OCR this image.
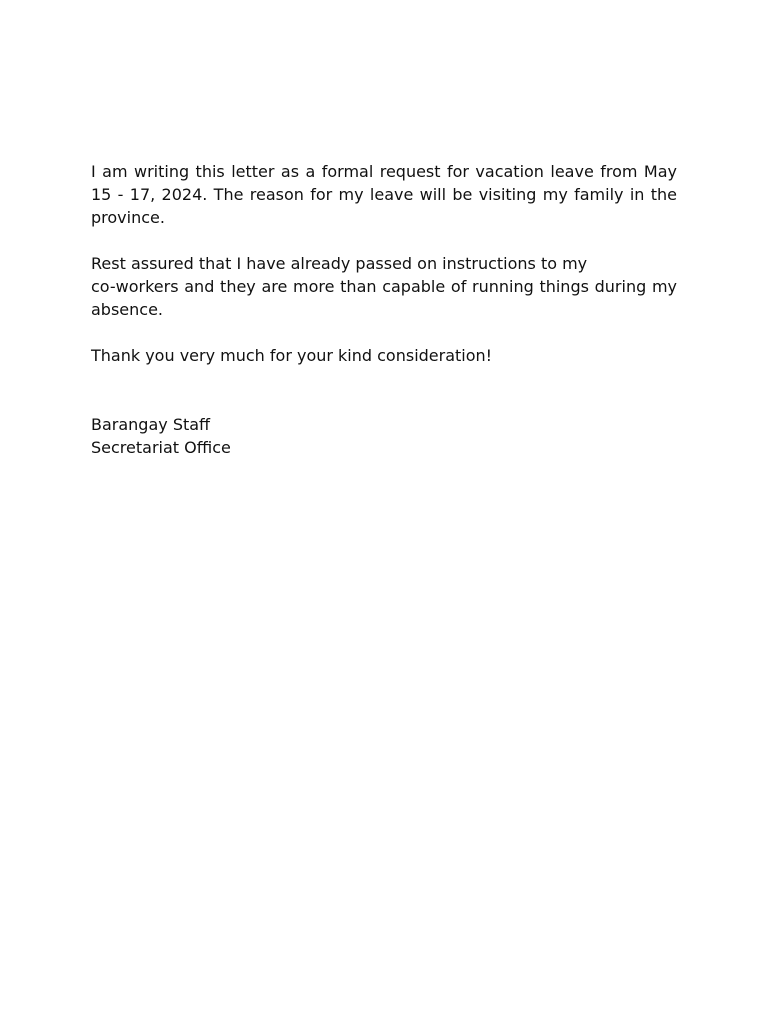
I am writing this letter as a formal request for vacation leave from May 15 - 17, 2024. The reason for my leave will be visiting my family in the province.

Rest assured that I have already passed on instructions to my
co-workers and they are more than capable of running things during my absence.

Thank you very much for your kind consideration!

Barangay Staff
Secretariat Office
